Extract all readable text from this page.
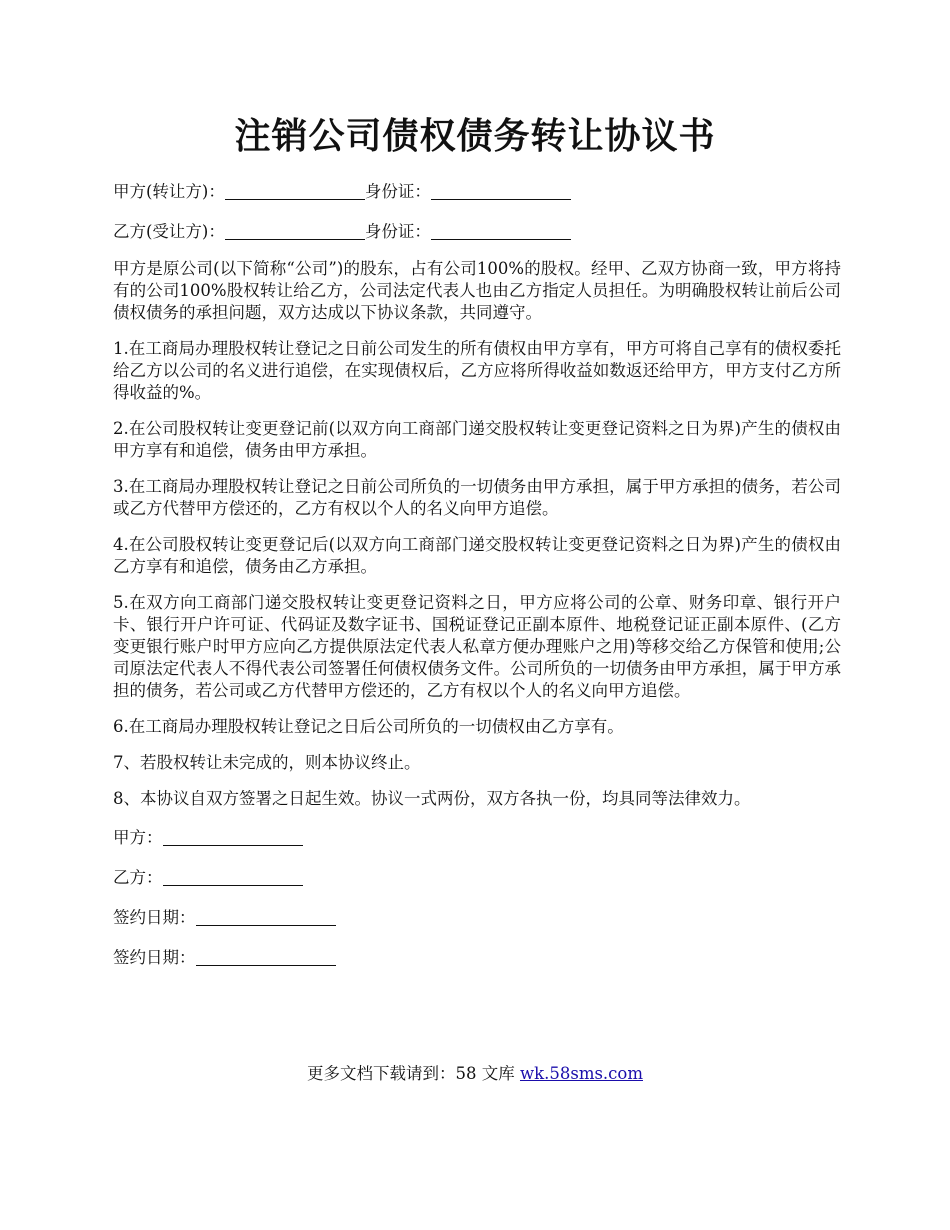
注销公司债权债务转让协议书

甲方(转让方)：	身份证：

乙方(受让方)：	身份证：

甲方是原公司(以下简称“公司”)的股东，占有公司100%的股权。经甲、乙双方协商一致，甲方将持有的公司100%股权转让给乙方，公司法定代表人也由乙方指定人员担任。为明确股权转让前后公司债权债务的承担问题，双方达成以下协议条款，共同遵守。

1.在工商局办理股权转让登记之日前公司发生的所有债权由甲方享有，甲方可将自己享有的债权委托给乙方以公司的名义进行追偿，在实现债权后，乙方应将所得收益如数返还给甲方，甲方支付乙方所得收益的%。

2.在公司股权转让变更登记前(以双方向工商部门递交股权转让变更登记资料之日为界)产生的债权由甲方享有和追偿，债务由甲方承担。

3.在工商局办理股权转让登记之日前公司所负的一切债务由甲方承担，属于甲方承担的债务，若公司或乙方代替甲方偿还的，乙方有权以个人的名义向甲方追偿。

4.在公司股权转让变更登记后(以双方向工商部门递交股权转让变更登记资料之日为界)产生的债权由乙方享有和追偿，债务由乙方承担。

5.在双方向工商部门递交股权转让变更登记资料之日，甲方应将公司的公章、财务印章、银行开户卡、银行开户许可证、代码证及数字证书、国税证登记正副本原件、地税登记证正副本原件、(乙方变更银行账户时甲方应向乙方提供原法定代表人私章方便办理账户之用)等移交给乙方保管和使用;公司原法定代表人不得代表公司签署任何债权债务文件。公司所负的一切债务由甲方承担，属于甲方承担的债务，若公司或乙方代替甲方偿还的，乙方有权以个人的名义向甲方追偿。

6.在工商局办理股权转让登记之日后公司所负的一切债权由乙方享有。

7、若股权转让未完成的，则本协议终止。

8、本协议自双方签署之日起生效。协议一式两份，双方各执一份，均具同等法律效力。

甲方：

乙方：

签约日期：

签约日期：

更多文档下载请到：58 文库 wk.58sms.com
